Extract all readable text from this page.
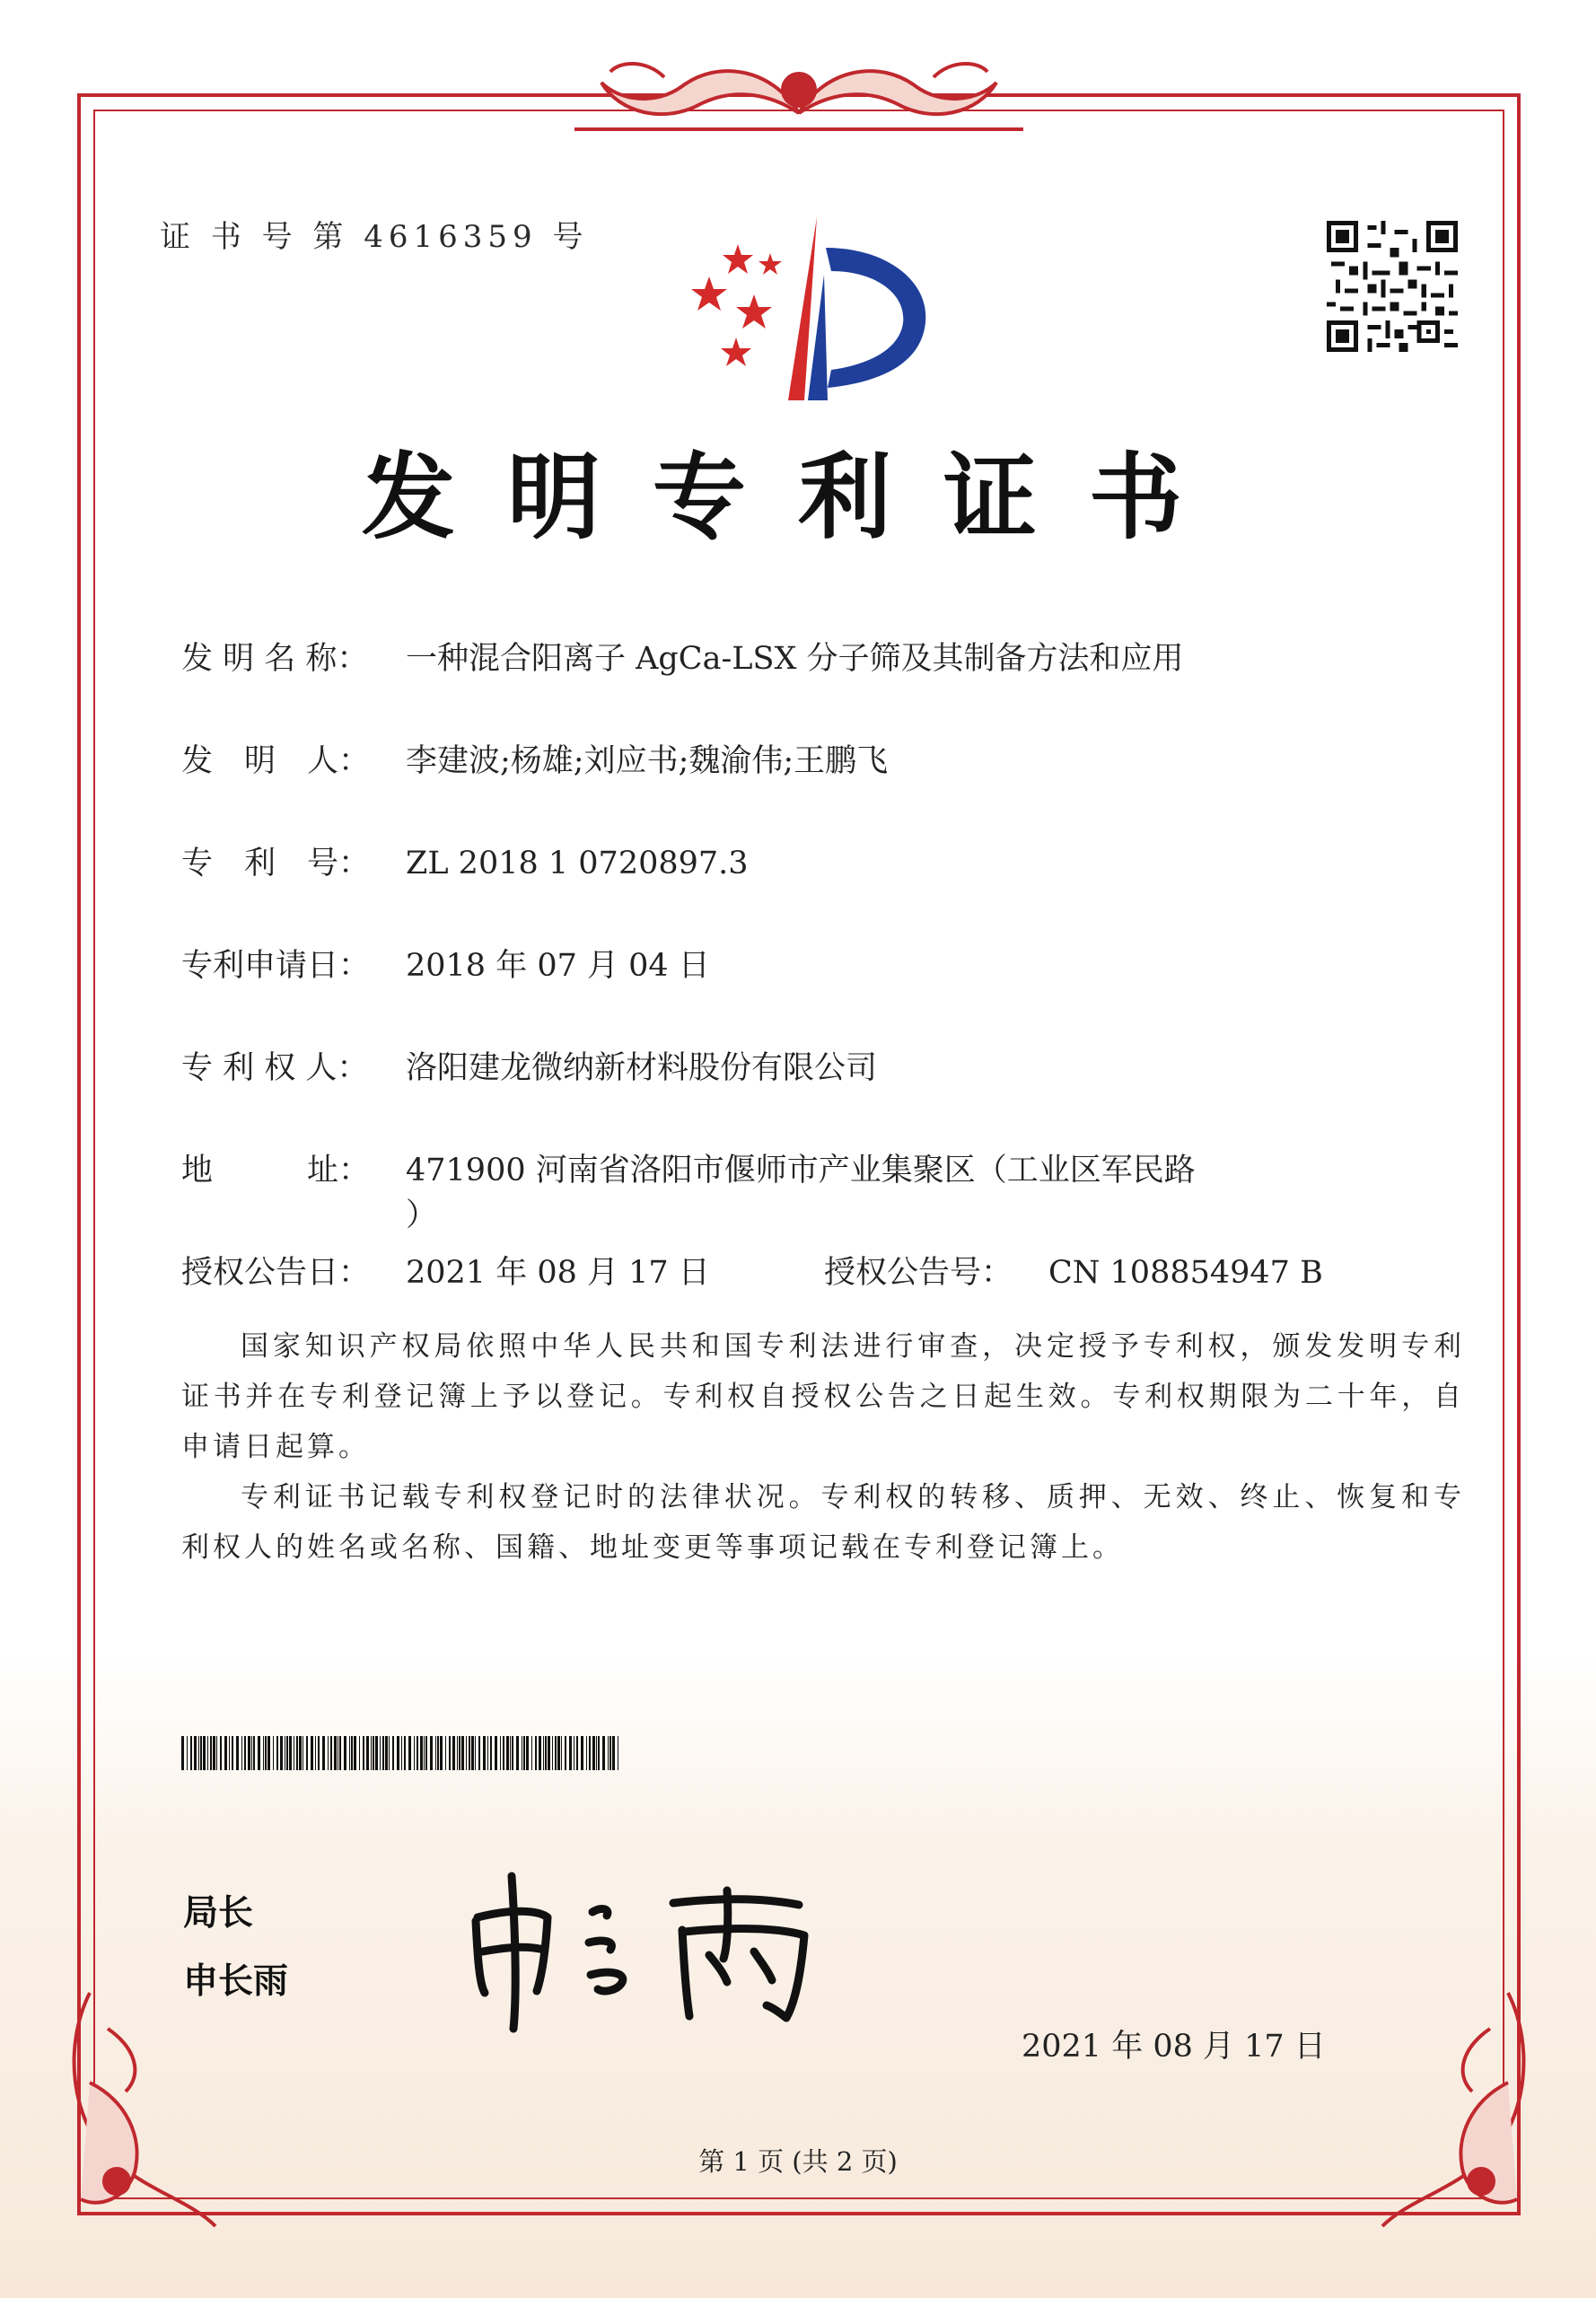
证 书 号 第 4616359 号
发明专利证书
发 明 名 称： 一种混合阳离子 AgCa-LSX 分子筛及其制备方法和应用
发　明　人： 李建波;杨雄;刘应书;魏渝伟;王鹏飞
专　利　号： ZL 2018 1 0720897.3
专利申请日： 2018 年 07 月 04 日
专 利 权 人： 洛阳建龙微纳新材料股份有限公司
地　　　址： 471900 河南省洛阳市偃师市产业集聚区（工业区军民路
）
授权公告日： 2021 年 08 月 17 日	授权公告号： CN 108854947 B
国家知识产权局依照中华人民共和国专利法进行审查，决定授予专利权，颁发发明专利证书并在专利登记簿上予以登记。专利权自授权公告之日起生效。专利权期限为二十年，自申请日起算。
专利证书记载专利权登记时的法律状况。专利权的转移、质押、无效、终止、恢复和专利权人的姓名或名称、国籍、地址变更等事项记载在专利登记簿上。
局长
申长雨
2021 年 08 月 17 日
第 1 页 (共 2 页)
